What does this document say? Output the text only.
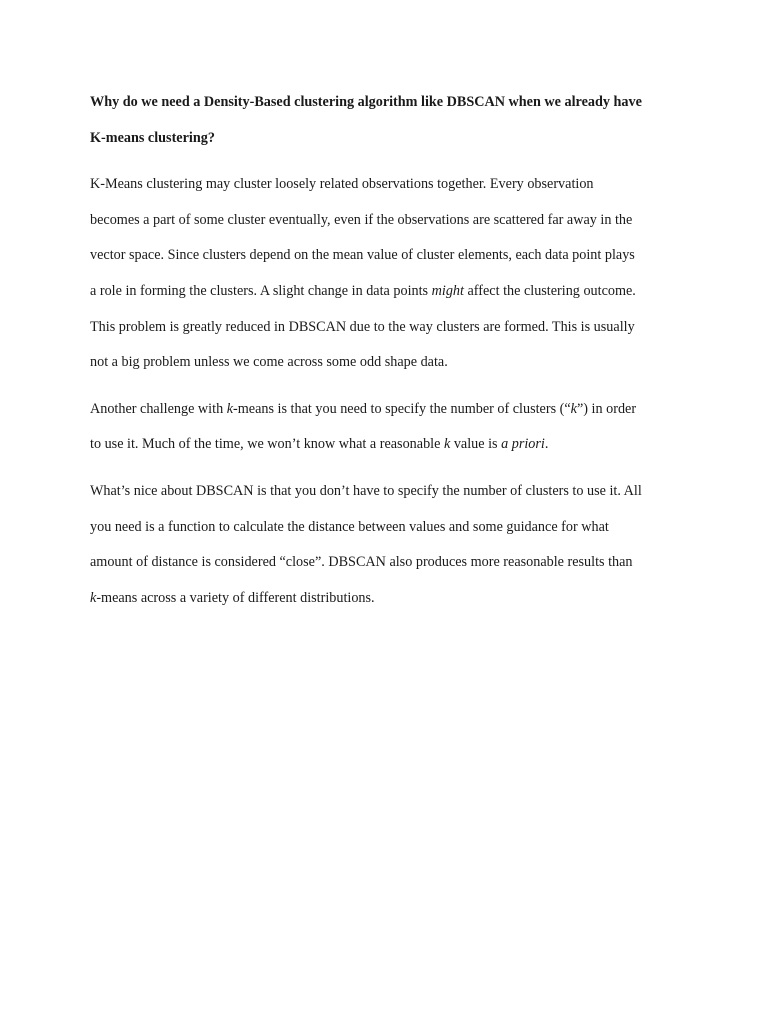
Why do we need a Density-Based clustering algorithm like DBSCAN when we already have
K-means clustering?
K-Means clustering may cluster loosely related observations together. Every observation
becomes a part of some cluster eventually, even if the observations are scattered far away in the
vector space. Since clusters depend on the mean value of cluster elements, each data point plays
a role in forming the clusters. A slight change in data points might affect the clustering outcome.
This problem is greatly reduced in DBSCAN due to the way clusters are formed. This is usually
not a big problem unless we come across some odd shape data.
Another challenge with k-means is that you need to specify the number of clusters (“k”) in order
to use it. Much of the time, we won’t know what a reasonable k value is a priori.
What’s nice about DBSCAN is that you don’t have to specify the number of clusters to use it. All
you need is a function to calculate the distance between values and some guidance for what
amount of distance is considered “close”. DBSCAN also produces more reasonable results than
k-means across a variety of different distributions.
